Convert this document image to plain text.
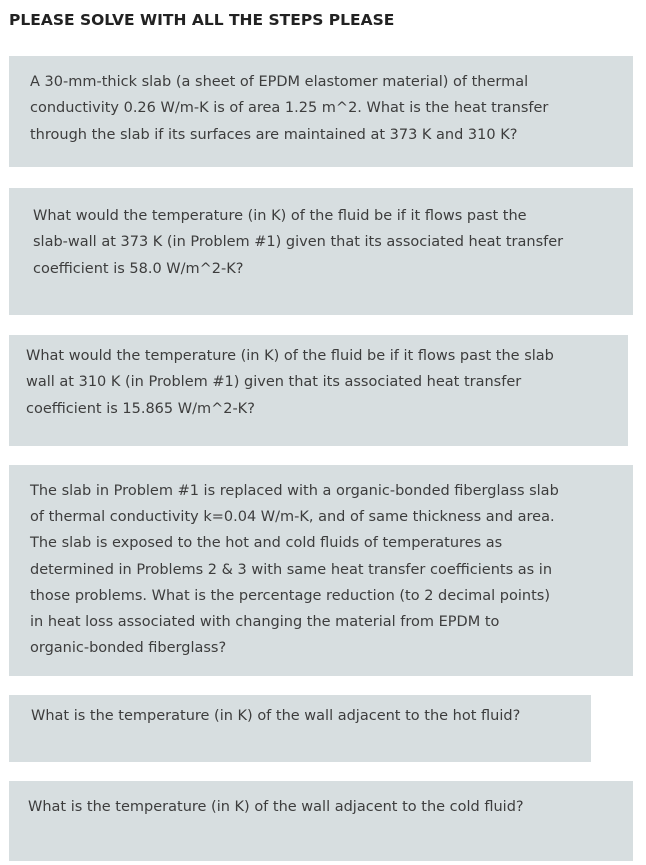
PLEASE SOLVE WITH ALL THE STEPS PLEASE

A 30-mm-thick slab (a sheet of EPDM elastomer material) of thermal
conductivity 0.26 W/m-K is of area 1.25 m^2. What is the heat transfer
through the slab if its surfaces are maintained at 373 K and 310 K?

What would the temperature (in K) of the fluid be if it flows past the
slab-wall at 373 K (in Problem #1) given that its associated heat transfer
coefficient is 58.0 W/m^2-K?

What would the temperature (in K) of the fluid be if it flows past the slab
wall at 310 K (in Problem #1) given that its associated heat transfer
coefficient is 15.865 W/m^2-K?

The slab in Problem #1 is replaced with a organic-bonded fiberglass slab
of thermal conductivity k=0.04 W/m-K, and of same thickness and area.
The slab is exposed to the hot and cold fluids of temperatures as
determined in Problems 2 & 3 with same heat transfer coefficients as in
those problems. What is the percentage reduction (to 2 decimal points)
in heat loss associated with changing the material from EPDM to
organic-bonded fiberglass?

What is the temperature (in K) of the wall adjacent to the hot fluid?

What is the temperature (in K) of the wall adjacent to the cold fluid?
